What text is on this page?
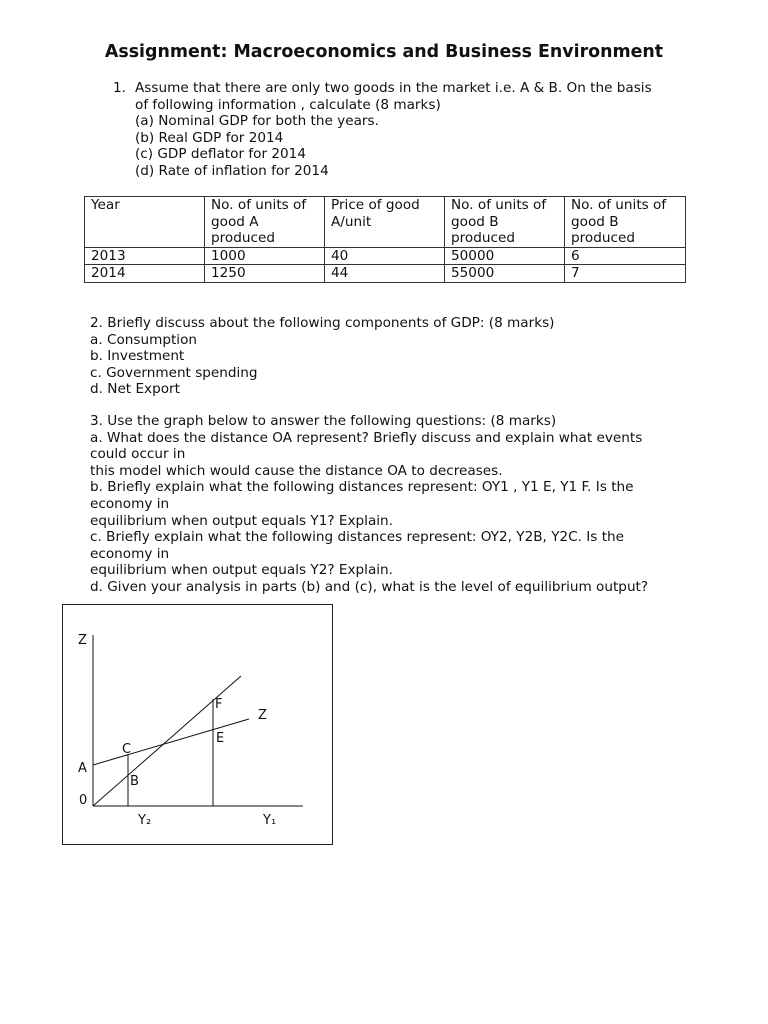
Assignment: Macroeconomics and Business Environment
1. Assume that there are only two goods in the market i.e. A & B. On the basis
of following information , calculate (8 marks)
(a) Nominal GDP for both the years.
(b) Real GDP for 2014
(c) GDP deflator for 2014
(d) Rate of inflation for 2014
Year	No. of units of good A produced	Price of good A/unit	No. of units of good B produced	No. of units of good B produced
2013	1000	40	50000	6
2014	1250	44	55000	7
2. Briefly discuss about the following components of GDP: (8 marks)
a. Consumption
b. Investment
c. Government spending
d. Net Export
3. Use the graph below to answer the following questions: (8 marks)
a. What does the distance OA represent? Briefly discuss and explain what events
could occur in
this model which would cause the distance OA to decreases.
b. Briefly explain what the following distances represent: OY1 , Y1 E, Y1 F. Is the
economy in
equilibrium when output equals Y1? Explain.
c. Briefly explain what the following distances represent: OY2, Y2B, Y2C. Is the
economy in
equilibrium when output equals Y2? Explain.
d. Given your analysis in parts (b) and (c), what is the level of equilibrium output?
Z
Z
0
A
B
C
E
F
Y₂	Y₁
